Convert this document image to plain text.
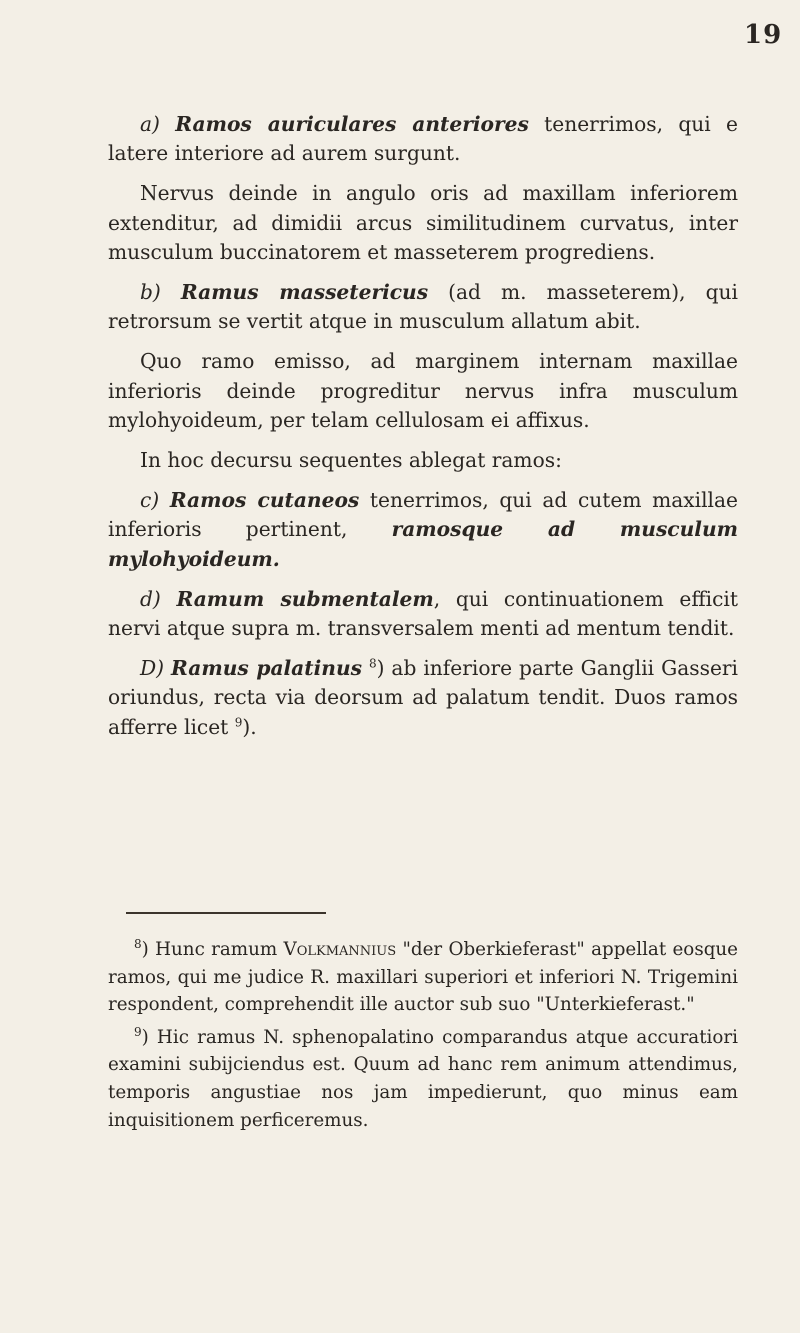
19

a) Ramos auriculares anteriores tenerrimos, qui e latere interiore ad aurem surgunt.

Nervus deinde in angulo oris ad maxillam inferiorem extenditur, ad dimidii arcus similitudinem curvatus, inter musculum buccinatorem et masseterem progrediens.

b) Ramus massetericus (ad m. masseterem), qui retrorsum se vertit atque in musculum allatum abit.

Quo ramo emisso, ad marginem internam maxillae inferioris deinde progreditur nervus infra musculum mylohyoideum, per telam cellulosam ei affixus.

In hoc decursu sequentes ablegat ramos:

c) Ramos cutaneos tenerrimos, qui ad cutem maxillae inferioris pertinent, ramosque ad musculum mylohyoideum.

d) Ramum submentalem, qui continuationem efficit nervi atque supra m. transversalem menti ad mentum tendit.

D) Ramus palatinus $^8$) ab inferiore parte Ganglii Gasseri oriundus, recta via deorsum ad palatum tendit. Duos ramos afferre licet $^9$).

$^8$) Hunc ramum Volkmannius "der Oberkieferast" appellat eosque ramos, qui me judice R. maxillari superiori et inferiori N. Trigemini respondent, comprehendit ille auctor sub suo "Unterkieferast."

$^9$) Hic ramus N. sphenopalatino comparandus atque accuratiori examini subijciendus est. Quum ad hanc rem animum attendimus, temporis angustiae nos jam impedierunt, quo minus eam inquisitionem perficeremus.
